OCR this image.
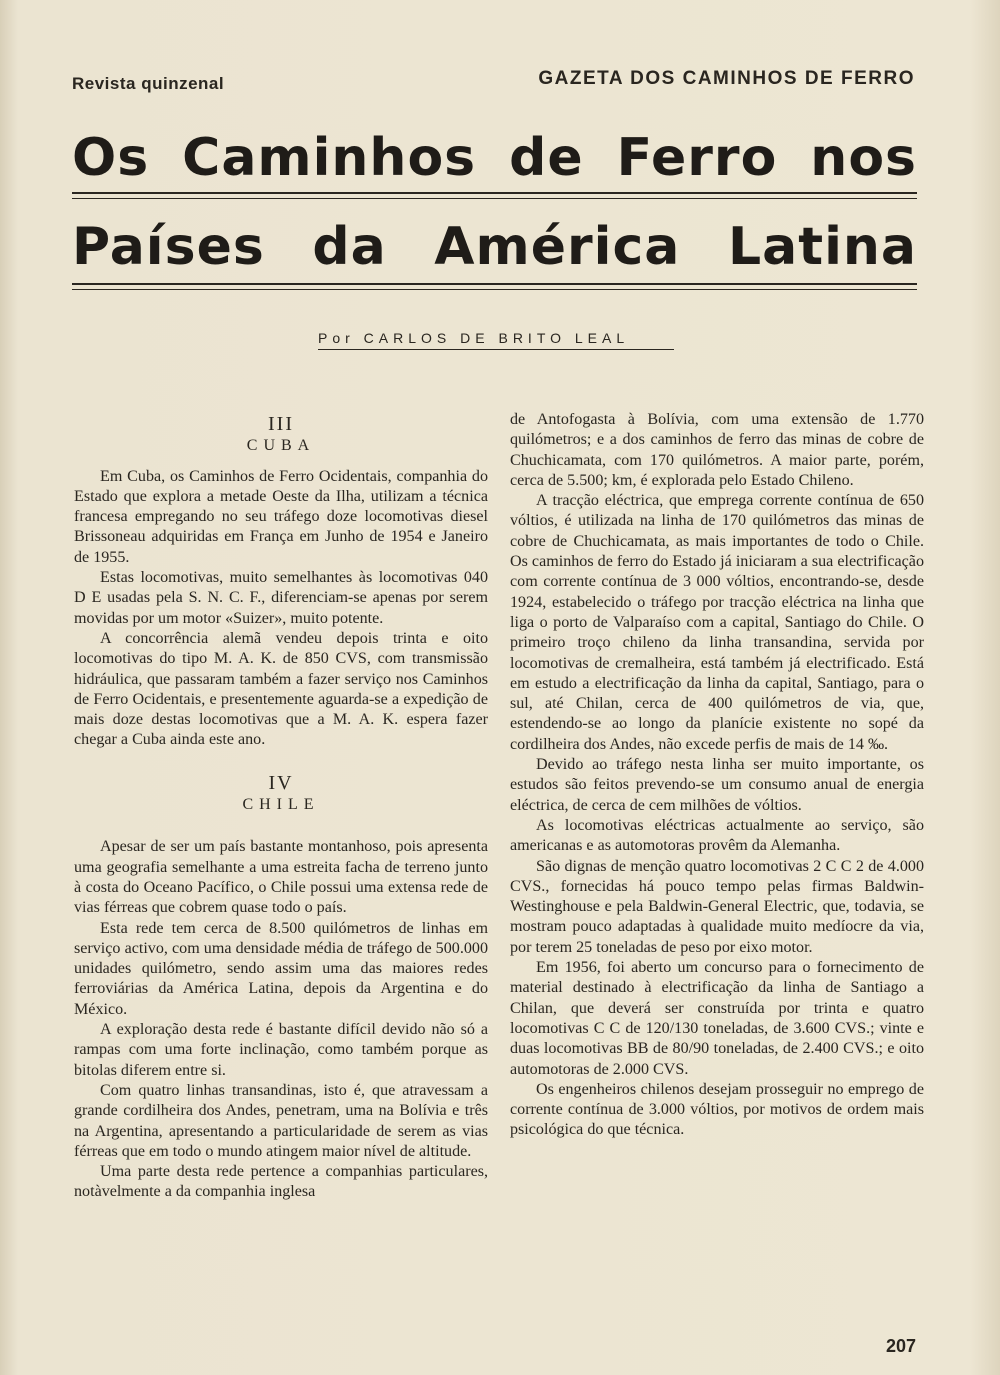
Revista quinzenal	GAZETA DOS CAMINHOS DE FERRO
Os Caminhos de Ferro nos
Países da América Latina
Por CARLOS DE BRITO LEAL
III
CUBA

Em Cuba, os Caminhos de Ferro Ocidentais, companhia do Estado que explora a metade Oeste da Ilha, utilizam a técnica francesa empregando no seu tráfego doze locomotivas diesel Brissoneau adquiridas em França em Junho de 1954 e Janeiro de 1955.

Estas locomotivas, muito semelhantes às locomotivas 040 D E usadas pela S. N. C. F., diferenciam-se apenas por serem movidas por um motor «Suizer», muito potente.

A concorrência alemã vendeu depois trinta e oito locomotivas do tipo M. A. K. de 850 CVS, com transmissão hidráulica, que passaram também a fazer serviço nos Caminhos de Ferro Ocidentais, e presentemente aguarda-se a expedição de mais doze destas locomotivas que a M. A. K. espera fazer chegar a Cuba ainda este ano.

IV
CHILE

Apesar de ser um país bastante montanhoso, pois apresenta uma geografia semelhante a uma estreita facha de terreno junto à costa do Oceano Pacífico, o Chile possui uma extensa rede de vias férreas que cobrem quase todo o país.

Esta rede tem cerca de 8.500 quilómetros de linhas em serviço activo, com uma densidade média de tráfego de 500.000 unidades quilómetro, sendo assim uma das maiores redes ferroviárias da América Latina, depois da Argentina e do México.

A exploração desta rede é bastante difícil devido não só a rampas com uma forte inclinação, como também porque as bitolas diferem entre si.

Com quatro linhas transandinas, isto é, que atravessam a grande cordilheira dos Andes, penetram, uma na Bolívia e três na Argentina, apresentando a particularidade de serem as vias férreas que em todo o mundo atingem maior nível de altitude.

Uma parte desta rede pertence a companhias particulares, notàvelmente a da companhia inglesa

de Antofogasta à Bolívia, com uma extensão de 1.770 quilómetros; e a dos caminhos de ferro das minas de cobre de Chuchicamata, com 170 quilómetros. A maior parte, porém, cerca de 5.500; km, é explorada pelo Estado Chileno.

A tracção eléctrica, que emprega corrente contínua de 650 vóltios, é utilizada na linha de 170 quilómetros das minas de cobre de Chuchicamata, as mais importantes de todo o Chile. Os caminhos de ferro do Estado já iniciaram a sua electrificação com corrente contínua de 3 000 vóltios, encontrando-se, desde 1924, estabelecido o tráfego por tracção eléctrica na linha que liga o porto de Valparaíso com a capital, Santiago do Chile. O primeiro troço chileno da linha transandina, servida por locomotivas de cremalheira, está também já electrificado. Está em estudo a electrificação da linha da capital, Santiago, para o sul, até Chilan, cerca de 400 quilómetros de via, que, estendendo-se ao longo da planície existente no sopé da cordilheira dos Andes, não excede perfis de mais de 14 ‰.

Devido ao tráfego nesta linha ser muito importante, os estudos são feitos prevendo-se um consumo anual de energia eléctrica, de cerca de cem milhões de vóltios.

As locomotivas eléctricas actualmente ao serviço, são americanas e as automotoras provêm da Alemanha.

São dignas de menção quatro locomotivas 2 C C 2 de 4.000 CVS., fornecidas há pouco tempo pelas firmas Baldwin-Westinghouse e pela Baldwin-General Electric, que, todavia, se mostram pouco adaptadas à qualidade muito medíocre da via, por terem 25 toneladas de peso por eixo motor.

Em 1956, foi aberto um concurso para o fornecimento de material destinado à electrificação da linha de Santiago a Chilan, que deverá ser construída por trinta e quatro locomotivas C C de 120/130 toneladas, de 3.600 CVS.; vinte e duas locomotivas BB de 80/90 toneladas, de 2.400 CVS.; e oito automotoras de 2.000 CVS.

Os engenheiros chilenos desejam prosseguir no emprego de corrente contínua de 3.000 vóltios, por motivos de ordem mais psicológica do que técnica.

207
